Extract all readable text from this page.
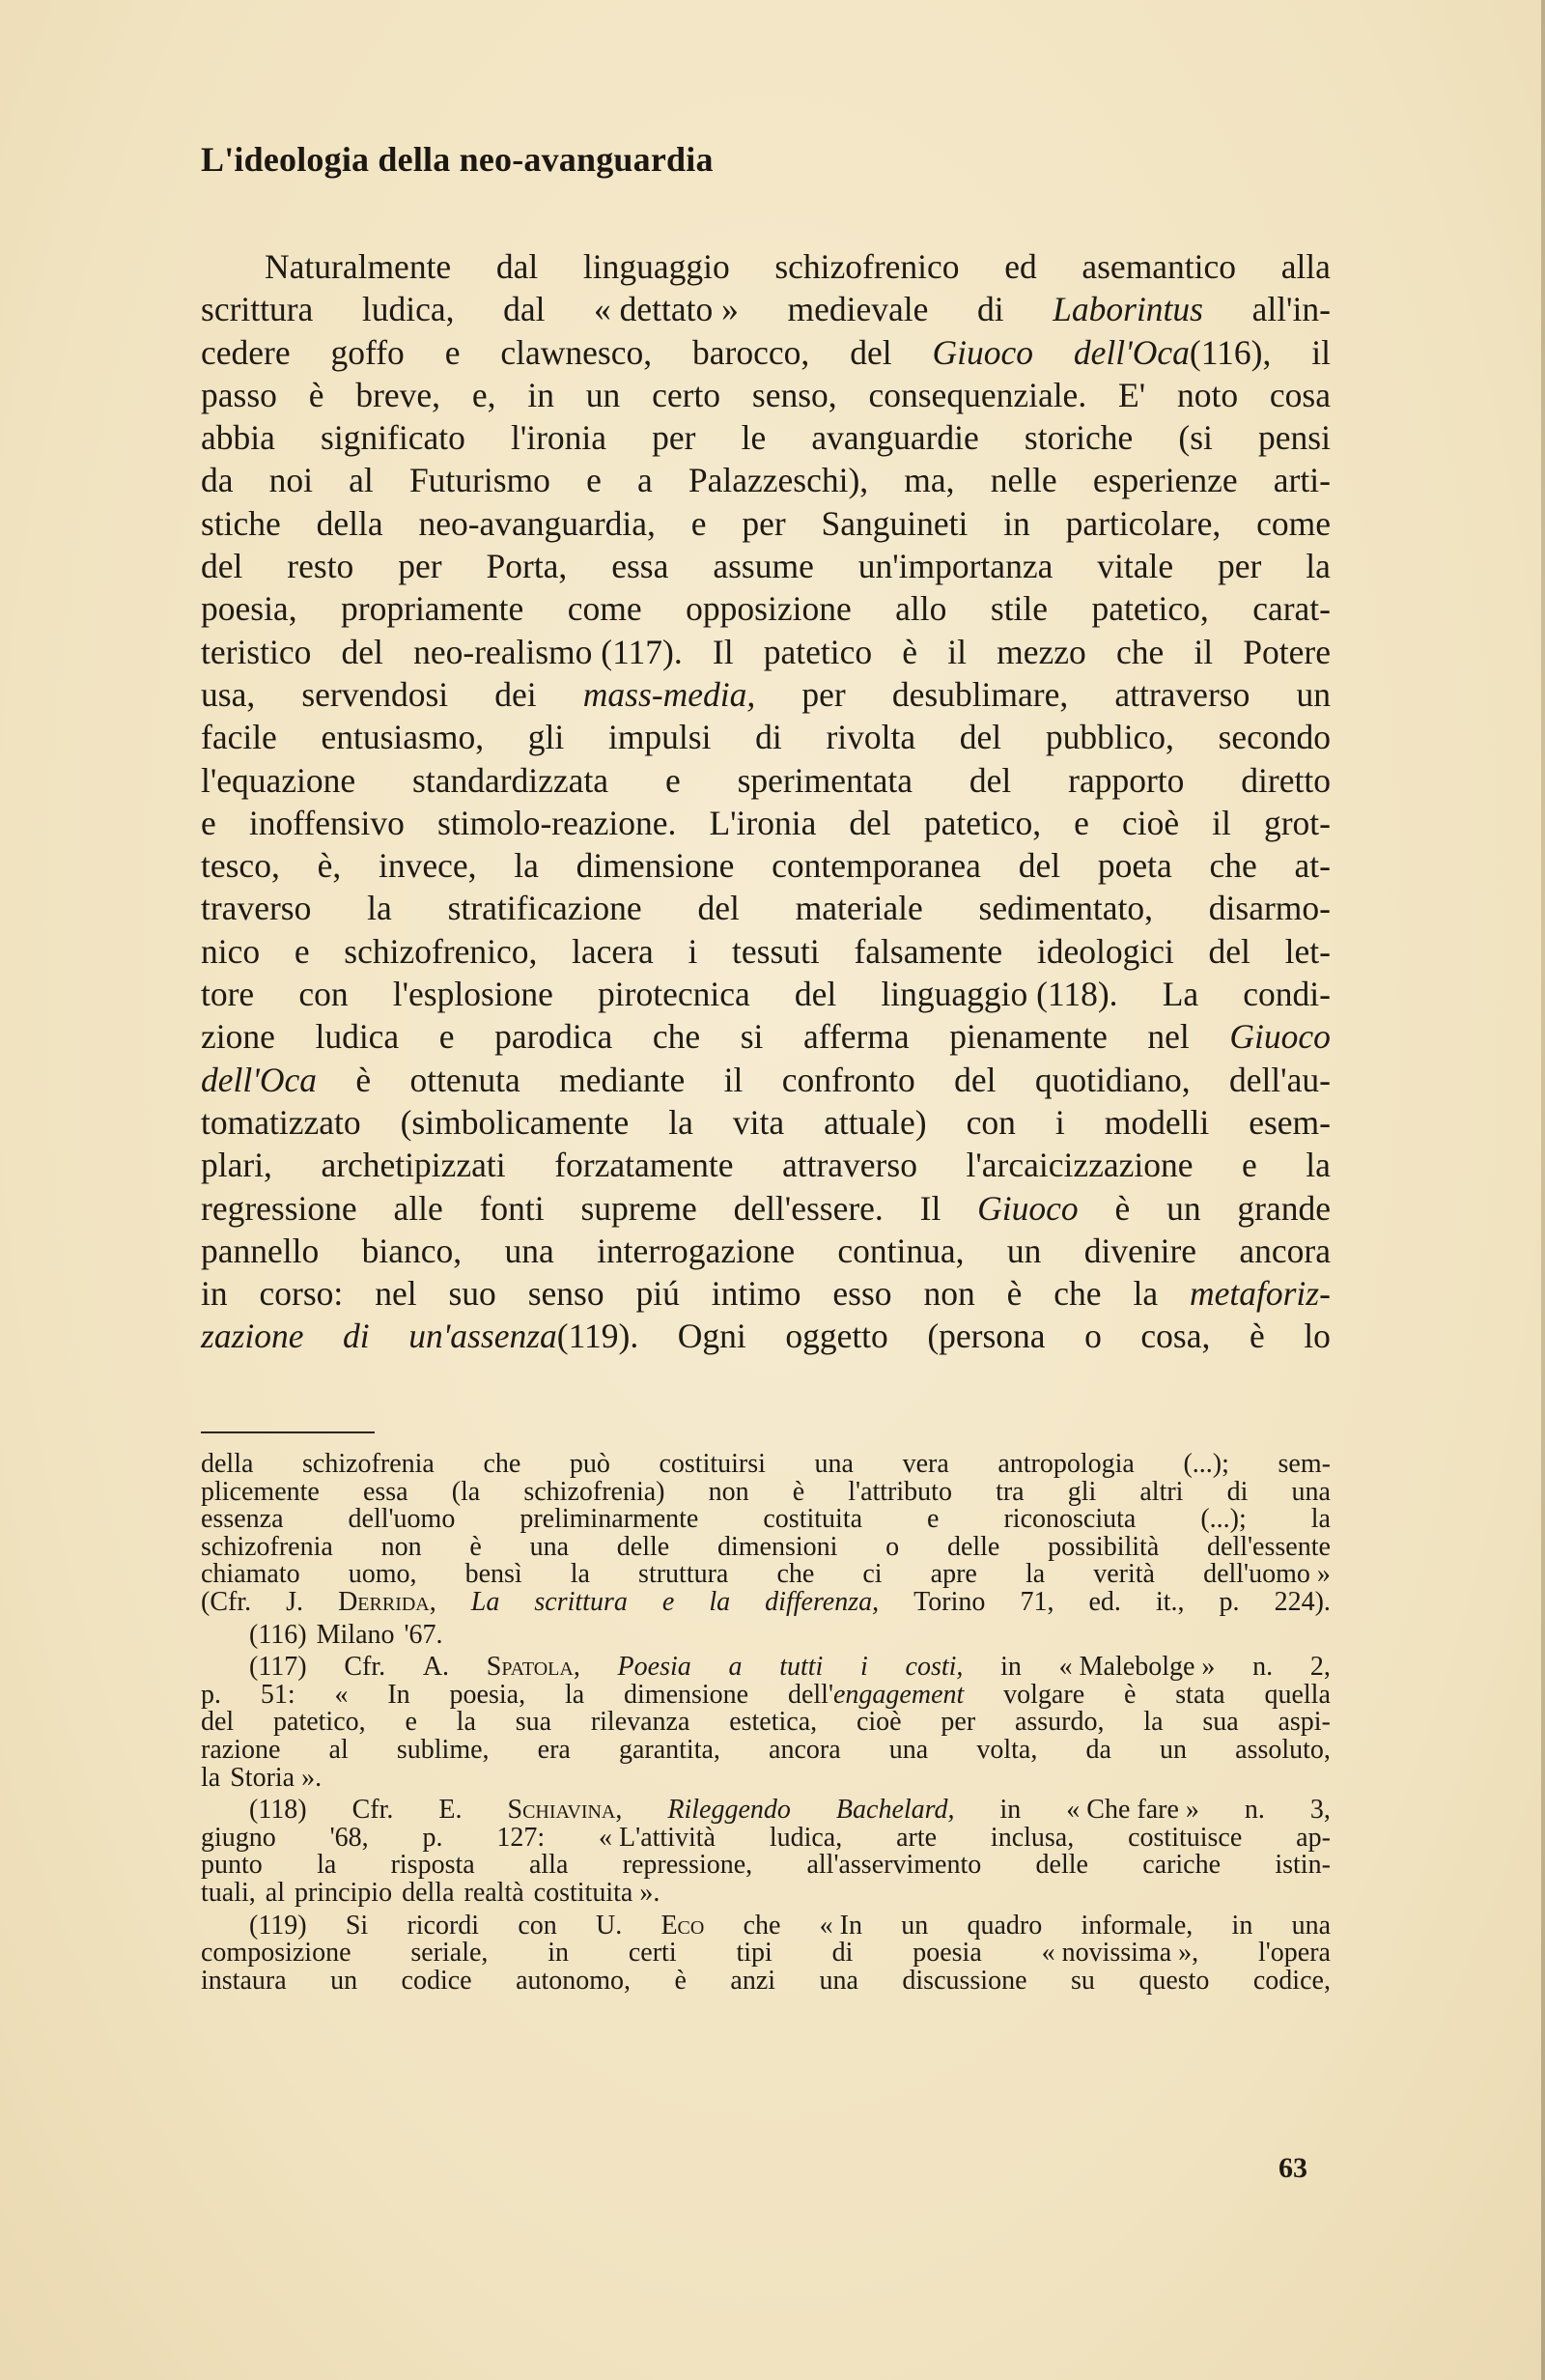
L'ideologia della neo-avanguardia
Naturalmente dal linguaggio schizofrenico ed asemantico alla
scrittura ludica, dal « dettato » medievale di Laborintus all'in-
cedere goffo e clawnesco, barocco, del Giuoco dell'Oca(116), il
passo è breve, e, in un certo senso, consequenziale. E' noto cosa
abbia significato l'ironia per le avanguardie storiche (si pensi
da noi al Futurismo e a Palazzeschi), ma, nelle esperienze arti-
stiche della neo-avanguardia, e per Sanguineti in particolare, come
del resto per Porta, essa assume un'importanza vitale per la
poesia, propriamente come opposizione allo stile patetico, carat-
teristico del neo-realismo (117). Il patetico è il mezzo che il Potere
usa, servendosi dei mass-media, per desublimare, attraverso un
facile entusiasmo, gli impulsi di rivolta del pubblico, secondo
l'equazione standardizzata e sperimentata del rapporto diretto
e inoffensivo stimolo-reazione. L'ironia del patetico, e cioè il grot-
tesco, è, invece, la dimensione contemporanea del poeta che at-
traverso la stratificazione del materiale sedimentato, disarmo-
nico e schizofrenico, lacera i tessuti falsamente ideologici del let-
tore con l'esplosione pirotecnica del linguaggio (118). La condi-
zione ludica e parodica che si afferma pienamente nel Giuoco
dell'Oca è ottenuta mediante il confronto del quotidiano, dell'au-
tomatizzato (simbolicamente la vita attuale) con i modelli esem-
plari, archetipizzati forzatamente attraverso l'arcaicizzazione e la
regressione alle fonti supreme dell'essere. Il Giuoco è un grande
pannello bianco, una interrogazione continua, un divenire ancora
in corso: nel suo senso piú intimo esso non è che la metaforiz-
zazione di un'assenza(119). Ogni oggetto (persona o cosa, è lo
della schizofrenia che può costituirsi una vera antropologia (...); sem-
plicemente essa (la schizofrenia) non è l'attributo tra gli altri di una
essenza dell'uomo preliminarmente costituita e riconosciuta (...); la
schizofrenia non è una delle dimensioni o delle possibilità dell'essente
chiamato uomo, bensì la struttura che ci apre la verità dell'uomo »
(Cfr. J. Derrida, La scrittura e la differenza, Torino 71, ed. it., p. 224).
(116) Milano '67.
(117) Cfr. A. Spatola, Poesia a tutti i costi, in « Malebolge » n. 2,
p. 51: « In poesia, la dimensione dell'engagement volgare è stata quella
del patetico, e la sua rilevanza estetica, cioè per assurdo, la sua aspi-
razione al sublime, era garantita, ancora una volta, da un assoluto,
la Storia ».
(118) Cfr. E. Schiavina, Rileggendo Bachelard, in « Che fare » n. 3,
giugno '68, p. 127: « L'attività ludica, arte inclusa, costituisce ap-
punto la risposta alla repressione, all'asservimento delle cariche istin-
tuali, al principio della realtà costituita ».
(119) Si ricordi con U. Eco che « In un quadro informale, in una
composizione seriale, in certi tipi di poesia « novissima », l'opera
instaura un codice autonomo, è anzi una discussione su questo codice,
63
